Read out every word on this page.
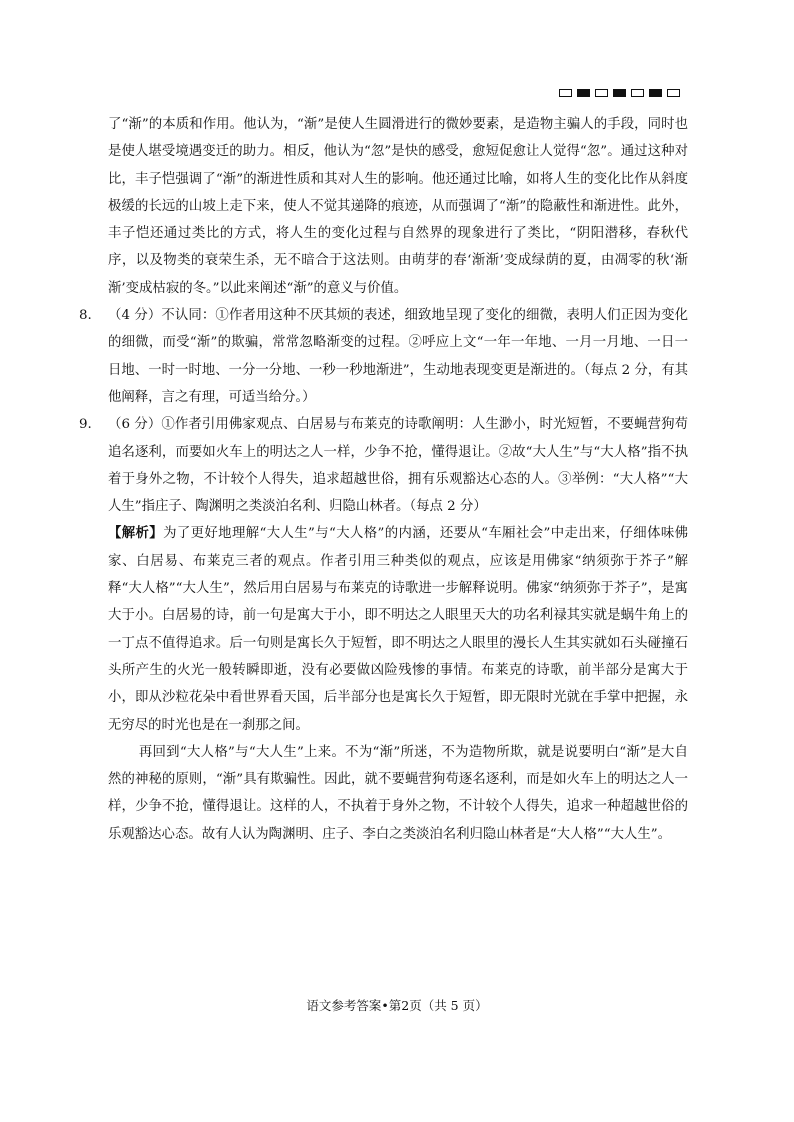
了“渐”的本质和作用。他认为，“渐”是使人生圆滑进行的微妙要素，是造物主骗人的手段，同时也是使人堪受境遇变迁的助力。相反，他认为“忽”是快的感受，愈短促愈让人觉得“忽”。通过这种对比，丰子恺强调了“渐”的渐进性质和其对人生的影响。他还通过比喻，如将人生的变化比作从斜度极缓的长远的山坡上走下来，使人不觉其递降的痕迹，从而强调了“渐”的隐蔽性和渐进性。此外，丰子恺还通过类比的方式，将人生的变化过程与自然界的现象进行了类比，“阴阳潜移，春秋代序，以及物类的衰荣生杀，无不暗合于这法则。由萌芽的春‘渐渐’变成绿荫的夏，由凋零的秋‘渐渐’变成枯寂的冬。”以此来阐述“渐”的意义与价值。

8. （4 分）不认同：①作者用这种不厌其烦的表述，细致地呈现了变化的细微，表明人们正因为变化的细微，而受“渐”的欺骗，常常忽略渐变的过程。②呼应上文“一年一年地、一月一月地、一日一日地、一时一时地、一分一分地、一秒一秒地渐进”，生动地表现变更是渐进的。（每点 2 分，有其他阐释，言之有理，可适当给分。）

9. （6 分）①作者引用佛家观点、白居易与布莱克的诗歌阐明：人生渺小，时光短暂，不要蝇营狗苟追名逐利，而要如火车上的明达之人一样，少争不抢，懂得退让。②故“大人生”与“大人格”指不执着于身外之物，不计较个人得失，追求超越世俗，拥有乐观豁达心态的人。③举例：“大人格”“大人生”指庄子、陶渊明之类淡泊名利、归隐山林者。（每点 2 分）

【解析】为了更好地理解“大人生”与“大人格”的内涵，还要从“车厢社会”中走出来，仔细体味佛家、白居易、布莱克三者的观点。作者引用三种类似的观点，应该是用佛家“纳须弥于芥子”解释“大人格”“大人生”，然后用白居易与布莱克的诗歌进一步解释说明。佛家“纳须弥于芥子”，是寓大于小。白居易的诗，前一句是寓大于小，即不明达之人眼里天大的功名利禄其实就是蜗牛角上的一丁点不值得追求。后一句则是寓长久于短暂，即不明达之人眼里的漫长人生其实就如石头碰撞石头所产生的火光一般转瞬即逝，没有必要做凶险残惨的事情。布莱克的诗歌，前半部分是寓大于小，即从沙粒花朵中看世界看天国，后半部分也是寓长久于短暂，即无限时光就在手掌中把握，永无穷尽的时光也是在一刹那之间。

再回到“大人格”与“大人生”上来。不为“渐”所迷，不为造物所欺，就是说要明白“渐”是大自然的神秘的原则，“渐”具有欺骗性。因此，就不要蝇营狗苟逐名逐利，而是如火车上的明达之人一样，少争不抢，懂得退让。这样的人，不执着于身外之物，不计较个人得失，追求一种超越世俗的乐观豁达心态。故有人认为陶渊明、庄子、李白之类淡泊名利归隐山林者是“大人格”“大人生”。

语文参考答案•第2页（共 5 页）
